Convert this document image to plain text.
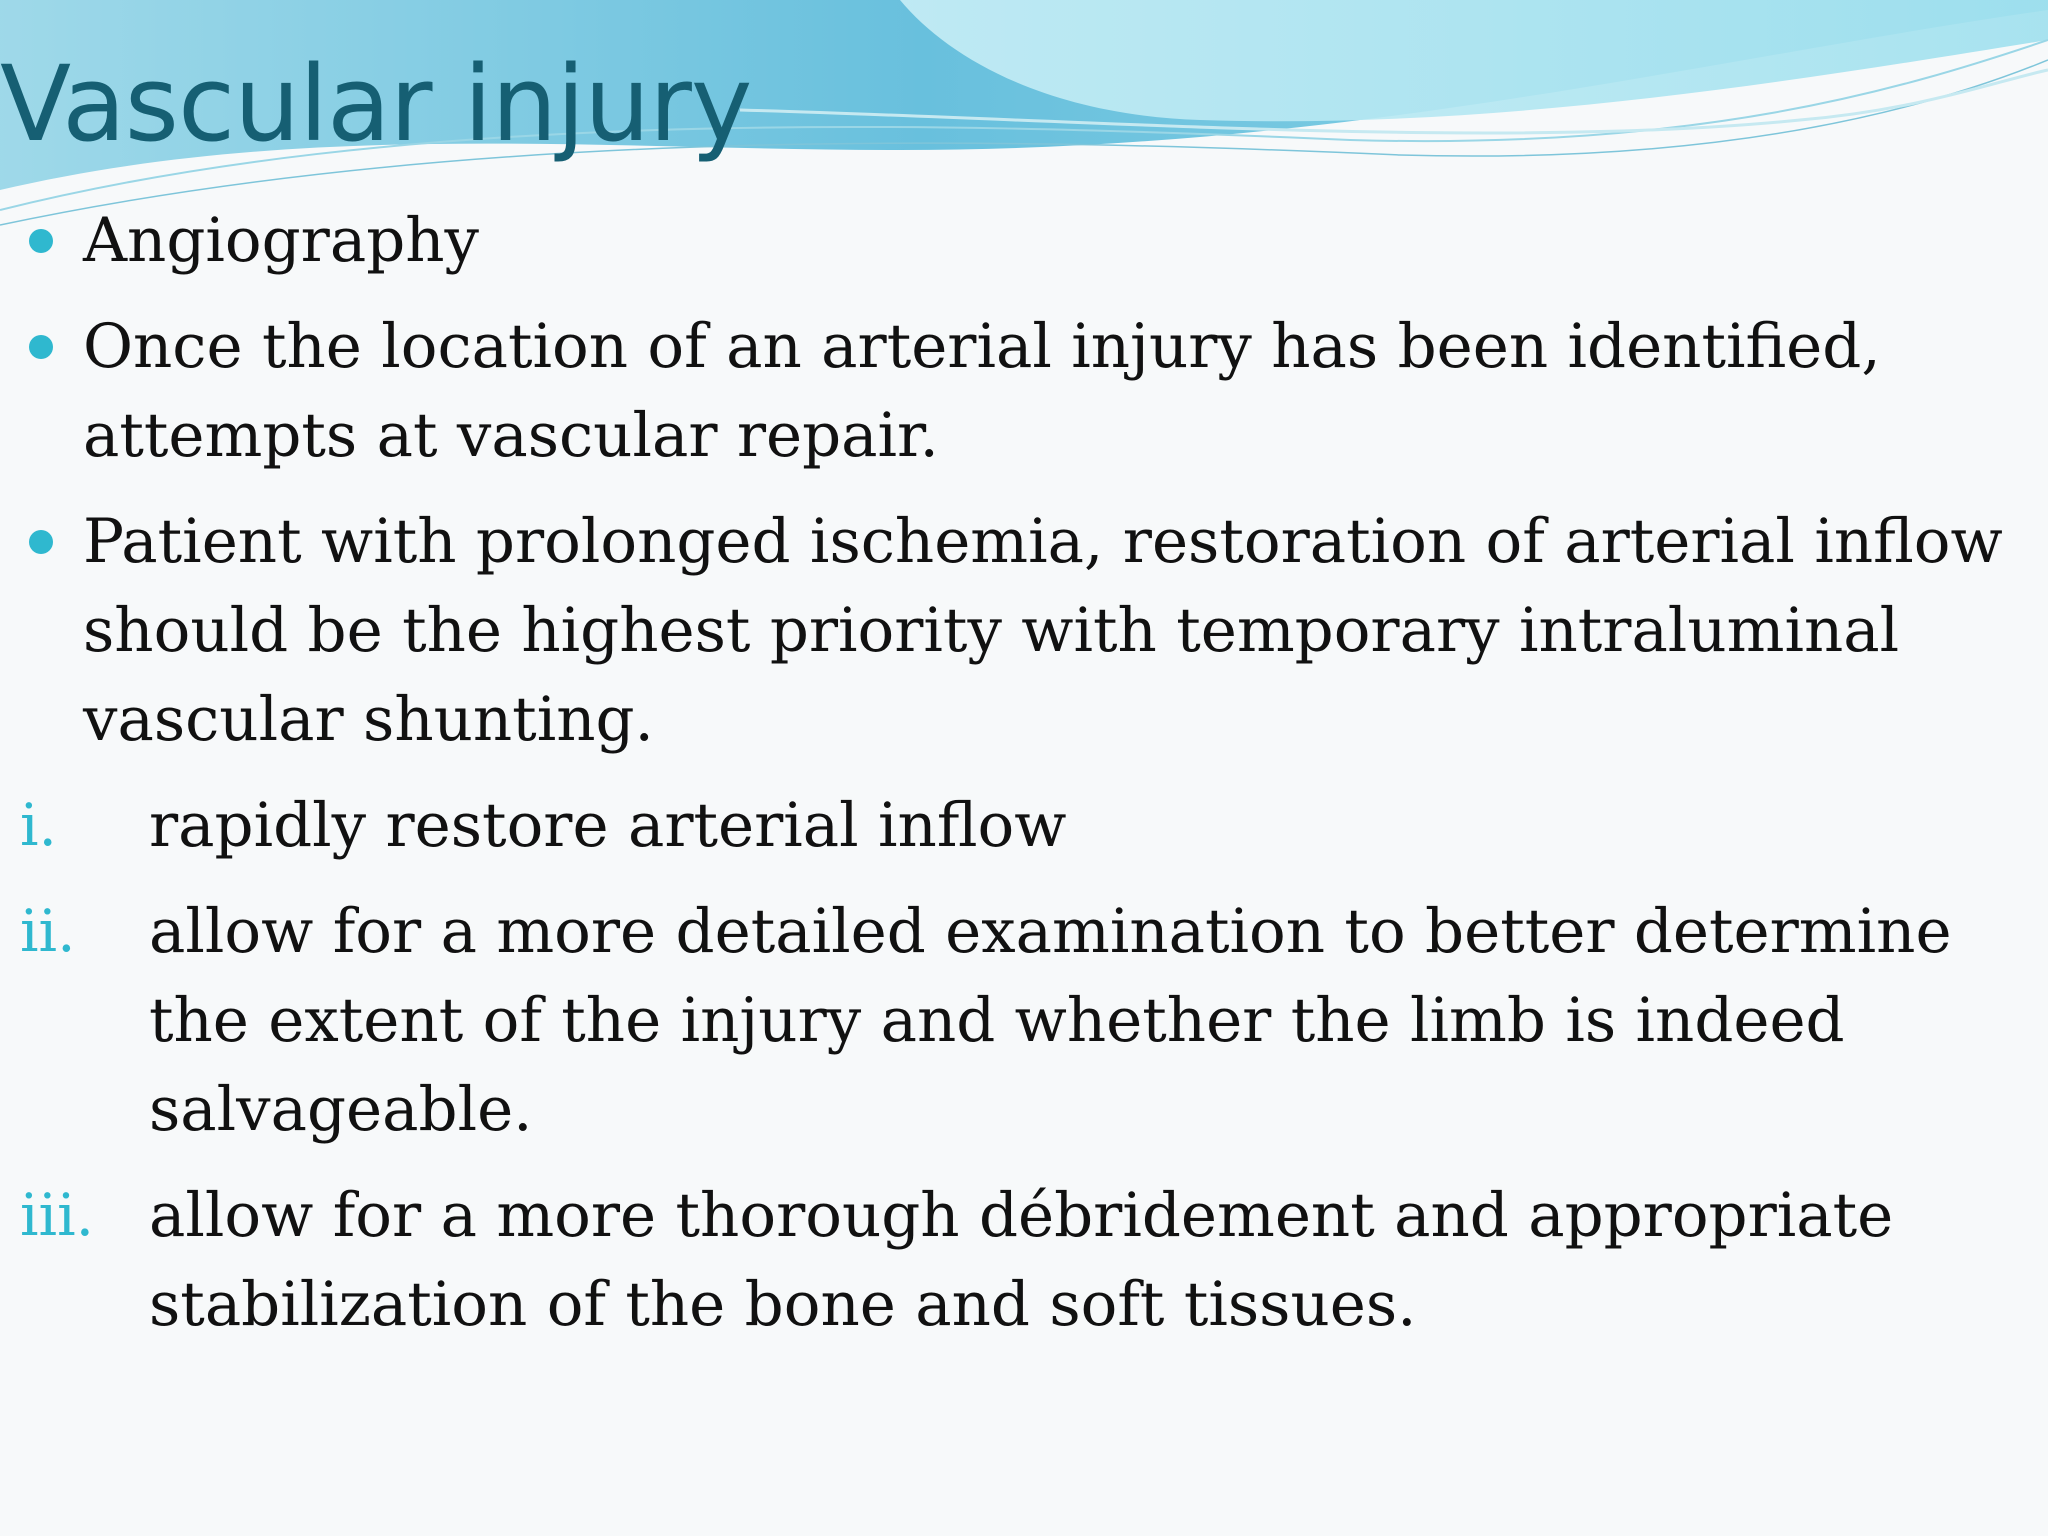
Vascular injury

Angiography

Once the location of an arterial injury has been identified, attempts at vascular repair.

Patient with prolonged ischemia, restoration of arterial inflow should be the highest priority with temporary intraluminal vascular shunting.

i. rapidly restore arterial inflow

ii. allow for a more detailed examination to better determine the extent of the injury and whether the limb is indeed salvageable.

iii. allow for a more thorough débridement and appropriate stabilization of the bone and soft tissues.
